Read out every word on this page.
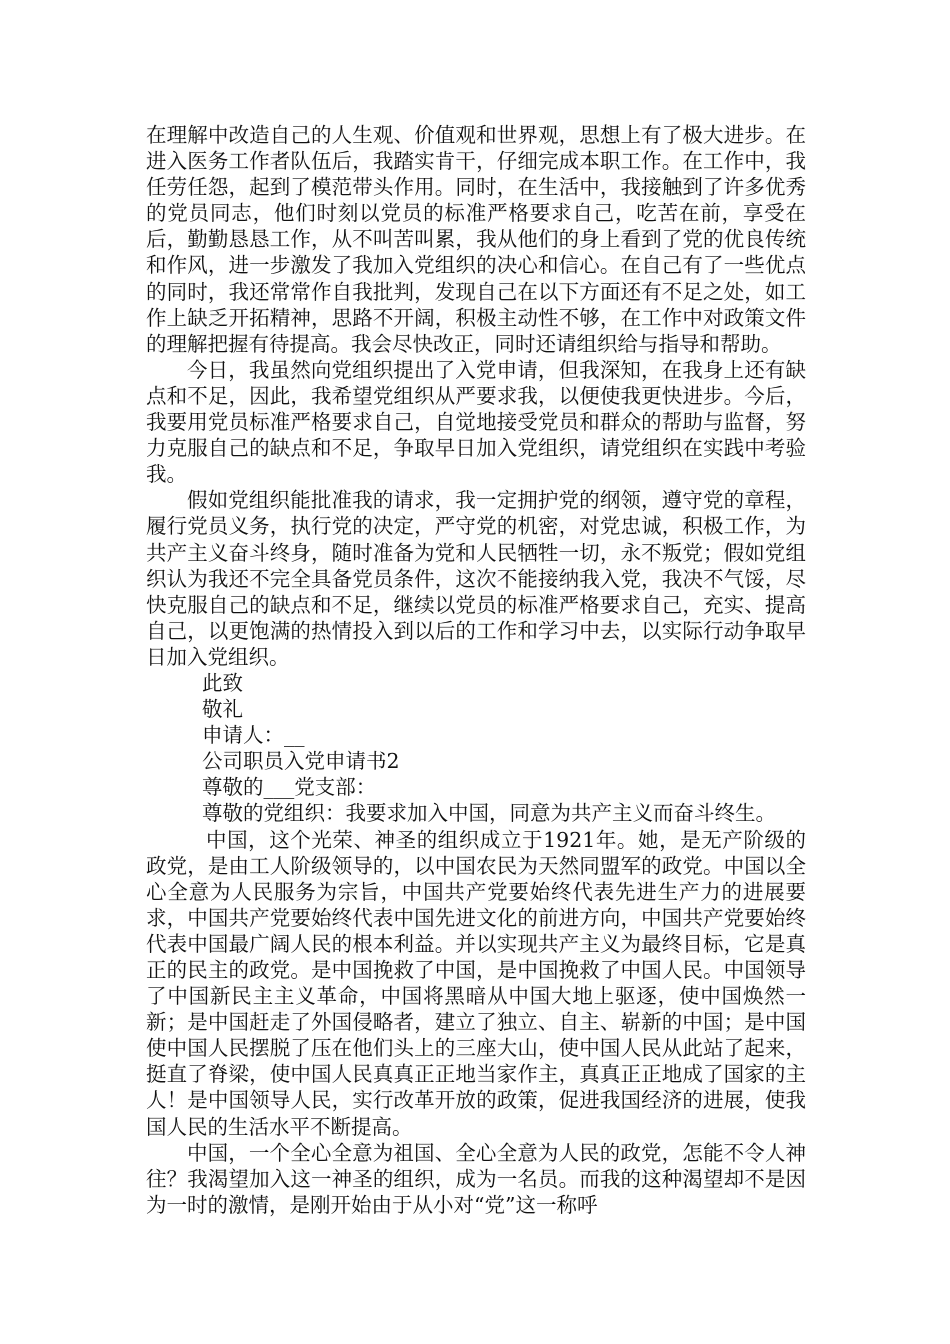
在理解中改造自己的人生观、价值观和世界观，思想上有了极大进步。在进入医务工作者队伍后，我踏实肯干，仔细完成本职工作。在工作中，我任劳任怨，起到了模范带头作用。同时，在生活中，我接触到了许多优秀的党员同志，他们时刻以党员的标准严格要求自己，吃苦在前，享受在后，勤勤恳恳工作，从不叫苦叫累，我从他们的身上看到了党的优良传统和作风，进一步激发了我加入党组织的决心和信心。在自己有了一些优点的同时，我还常常作自我批判，发现自己在以下方面还有不足之处，如工作上缺乏开拓精神，思路不开阔，积极主动性不够，在工作中对政策文件的理解把握有待提高。我会尽快改正，同时还请组织给与指导和帮助。

今日，我虽然向党组织提出了入党申请，但我深知，在我身上还有缺点和不足，因此，我希望党组织从严要求我，以便使我更快进步。今后，我要用党员标准严格要求自己，自觉地接受党员和群众的帮助与监督，努力克服自己的缺点和不足，争取早日加入党组织，请党组织在实践中考验我。

假如党组织能批准我的请求，我一定拥护党的纲领，遵守党的章程，履行党员义务，执行党的决定，严守党的机密，对党忠诚，积极工作，为共产主义奋斗终身，随时准备为党和人民牺牲一切，永不叛党；假如党组织认为我还不完全具备党员条件，这次不能接纳我入党，我决不气馁，尽快克服自己的缺点和不足，继续以党员的标准严格要求自己，充实、提高自己，以更饱满的热情投入到以后的工作和学习中去，以实际行动争取早日加入党组织。

此致

敬礼

申请人：__

公司职员入党申请书2

尊敬的___党支部：

尊敬的党组织：我要求加入中国，同意为共产主义而奋斗终生。

中国，这个光荣、神圣的组织成立于1921年。她，是无产阶级的政党，是由工人阶级领导的，以中国农民为天然同盟军的政党。中国以全心全意为人民服务为宗旨，中国共产党要始终代表先进生产力的进展要求，中国共产党要始终代表中国先进文化的前进方向，中国共产党要始终代表中国最广阔人民的根本利益。并以实现共产主义为最终目标，它是真正的民主的政党。是中国挽救了中国，是中国挽救了中国人民。中国领导了中国新民主主义革命，中国将黑暗从中国大地上驱逐，使中国焕然一新；是中国赶走了外国侵略者，建立了独立、自主、崭新的中国；是中国使中国人民摆脱了压在他们头上的三座大山，使中国人民从此站了起来，挺直了脊梁，使中国人民真真正正地当家作主，真真正正地成了国家的主人！是中国领导人民，实行改革开放的政策，促进我国经济的进展，使我国人民的生活水平不断提高。

中国，一个全心全意为祖国、全心全意为人民的政党，怎能不令人神往？我渴望加入这一神圣的组织，成为一名员。而我的这种渴望却不是因为一时的激情，是刚开始由于从小对“党”这一称呼
